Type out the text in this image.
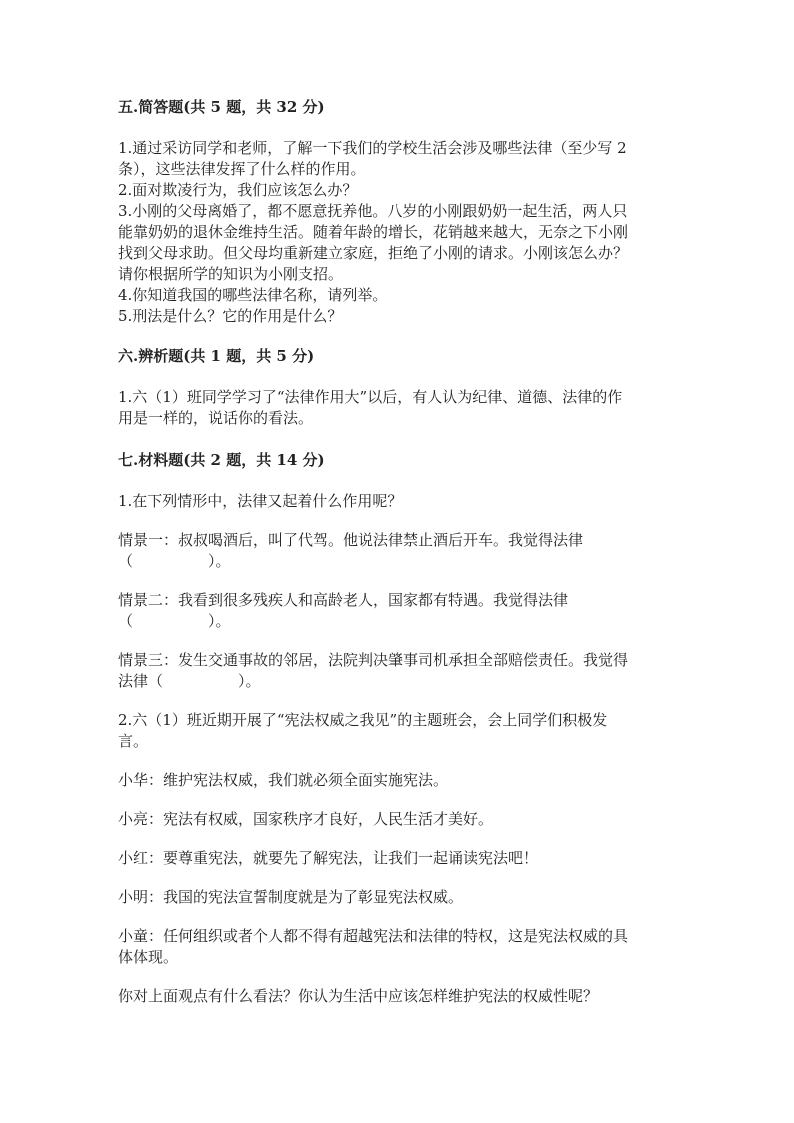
五.简答题(共 5 题，共 32 分)

1.通过采访同学和老师，了解一下我们的学校生活会涉及哪些法律（至少写 2

条），这些法律发挥了什么样的作用。

2.面对欺凌行为，我们应该怎么办？

3.小刚的父母离婚了，都不愿意抚养他。八岁的小刚跟奶奶一起生活，两人只

能靠奶奶的退休金维持生活。随着年龄的增长，花销越来越大，无奈之下小刚

找到父母求助。但父母均重新建立家庭，拒绝了小刚的请求。小刚该怎么办？

请你根据所学的知识为小刚支招。

4.你知道我国的哪些法律名称，请列举。

5.刑法是什么？它的作用是什么？

六.辨析题(共 1 题，共 5 分)

1.六（1）班同学学习了“法律作用大”以后，有人认为纪律、道德、法律的作

用是一样的，说话你的看法。

七.材料题(共 2 题，共 14 分)

1.在下列情形中，法律又起着什么作用呢？

情景一：叔叔喝酒后，叫了代驾。他说法律禁止酒后开车。我觉得法律

（　　　　　）。

情景二：我看到很多残疾人和高龄老人，国家都有特遇。我觉得法律

（　　　　　）。

情景三：发生交通事故的邻居，法院判决肇事司机承担全部赔偿责任。我觉得

法律（　　　　　）。

2.六（1）班近期开展了“宪法权威之我见”的主题班会，会上同学们积极发

言。

小华：维护宪法权威，我们就必须全面实施宪法。

小亮：宪法有权威，国家秩序才良好，人民生活才美好。

小红：要尊重宪法，就要先了解宪法，让我们一起诵读宪法吧！

小明：我国的宪法宣誓制度就是为了彰显宪法权威。

小童：任何组织或者个人都不得有超越宪法和法律的特权，这是宪法权威的具

体体现。

你对上面观点有什么看法？你认为生活中应该怎样维护宪法的权威性呢？
